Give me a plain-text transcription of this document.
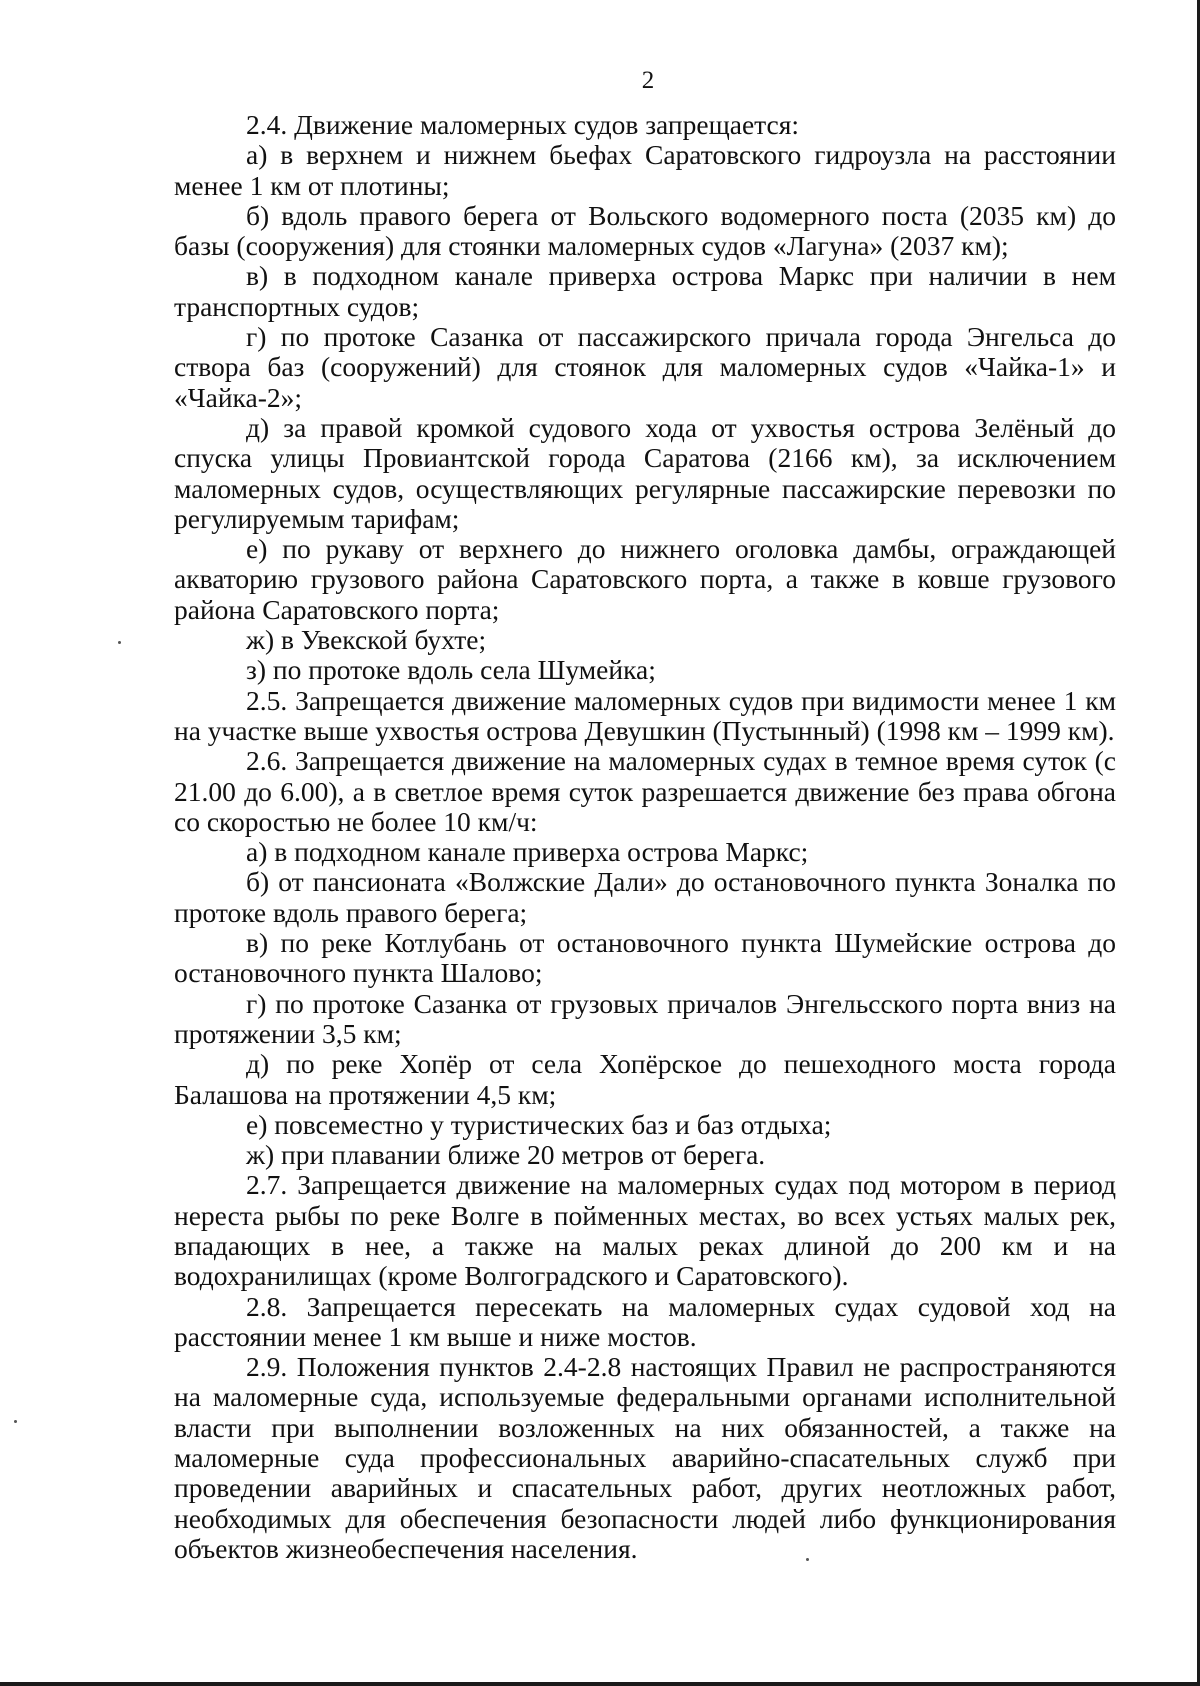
2

2.4. Движение маломерных судов запрещается:

а) в верхнем и нижнем бьефах Саратовского гидроузла на расстоянии менее 1 км от плотины;

б) вдоль правого берега от Вольского водомерного поста (2035 км) до базы (сооружения) для стоянки маломерных судов «Лагуна» (2037 км);

в) в подходном канале приверха острова Маркс при наличии в нем транспортных судов;

г) по протоке Сазанка от пассажирского причала города Энгельса до створа баз (сооружений) для стоянок для маломерных судов «Чайка-1» и «Чайка-2»;

д) за правой кромкой судового хода от ухвостья острова Зелёный до спуска улицы Провиантской города Саратова (2166 км), за исключением маломерных судов, осуществляющих регулярные пассажирские перевозки по регулируемым тарифам;

е) по рукаву от верхнего до нижнего оголовка дамбы, ограждающей акваторию грузового района Саратовского порта, а также в ковше грузового района Саратовского порта;

ж) в Увекской бухте;

з) по протоке вдоль села Шумейка;

2.5. Запрещается движение маломерных судов при видимости менее 1 км на участке выше ухвостья острова Девушкин (Пустынный) (1998 км – 1999 км).

2.6. Запрещается движение на маломерных судах в темное время суток (с 21.00 до 6.00), а в светлое время суток разрешается движение без права обгона со скоростью не более 10 км/ч:

а) в подходном канале приверха острова Маркс;

б) от пансионата «Волжские Дали» до остановочного пункта Зоналка по протоке вдоль правого берега;

в) по реке Котлубань от остановочного пункта Шумейские острова до остановочного пункта Шалово;

г) по протоке Сазанка от грузовых причалов Энгельсского порта вниз на протяжении 3,5 км;

д) по реке Хопёр от села Хопёрское до пешеходного моста города Балашова на протяжении 4,5 км;

е) повсеместно у туристических баз и баз отдыха;

ж) при плавании ближе 20 метров от берега.

2.7. Запрещается движение на маломерных судах под мотором в период нереста рыбы по реке Волге в пойменных местах, во всех устьях малых рек, впадающих в нее, а также на малых реках длиной до 200 км и на водохранилищах (кроме Волгоградского и Саратовского).

2.8. Запрещается пересекать на маломерных судах судовой ход на расстоянии менее 1 км выше и ниже мостов.

2.9. Положения пунктов 2.4-2.8 настоящих Правил не распространяются на маломерные суда, используемые федеральными органами исполнительной власти при выполнении возложенных на них обязанностей, а также на маломерные суда профессиональных аварийно-спасательных служб при проведении аварийных и спасательных работ, других неотложных работ, необходимых для обеспечения безопасности людей либо функционирования объектов жизнеобеспечения населения.
